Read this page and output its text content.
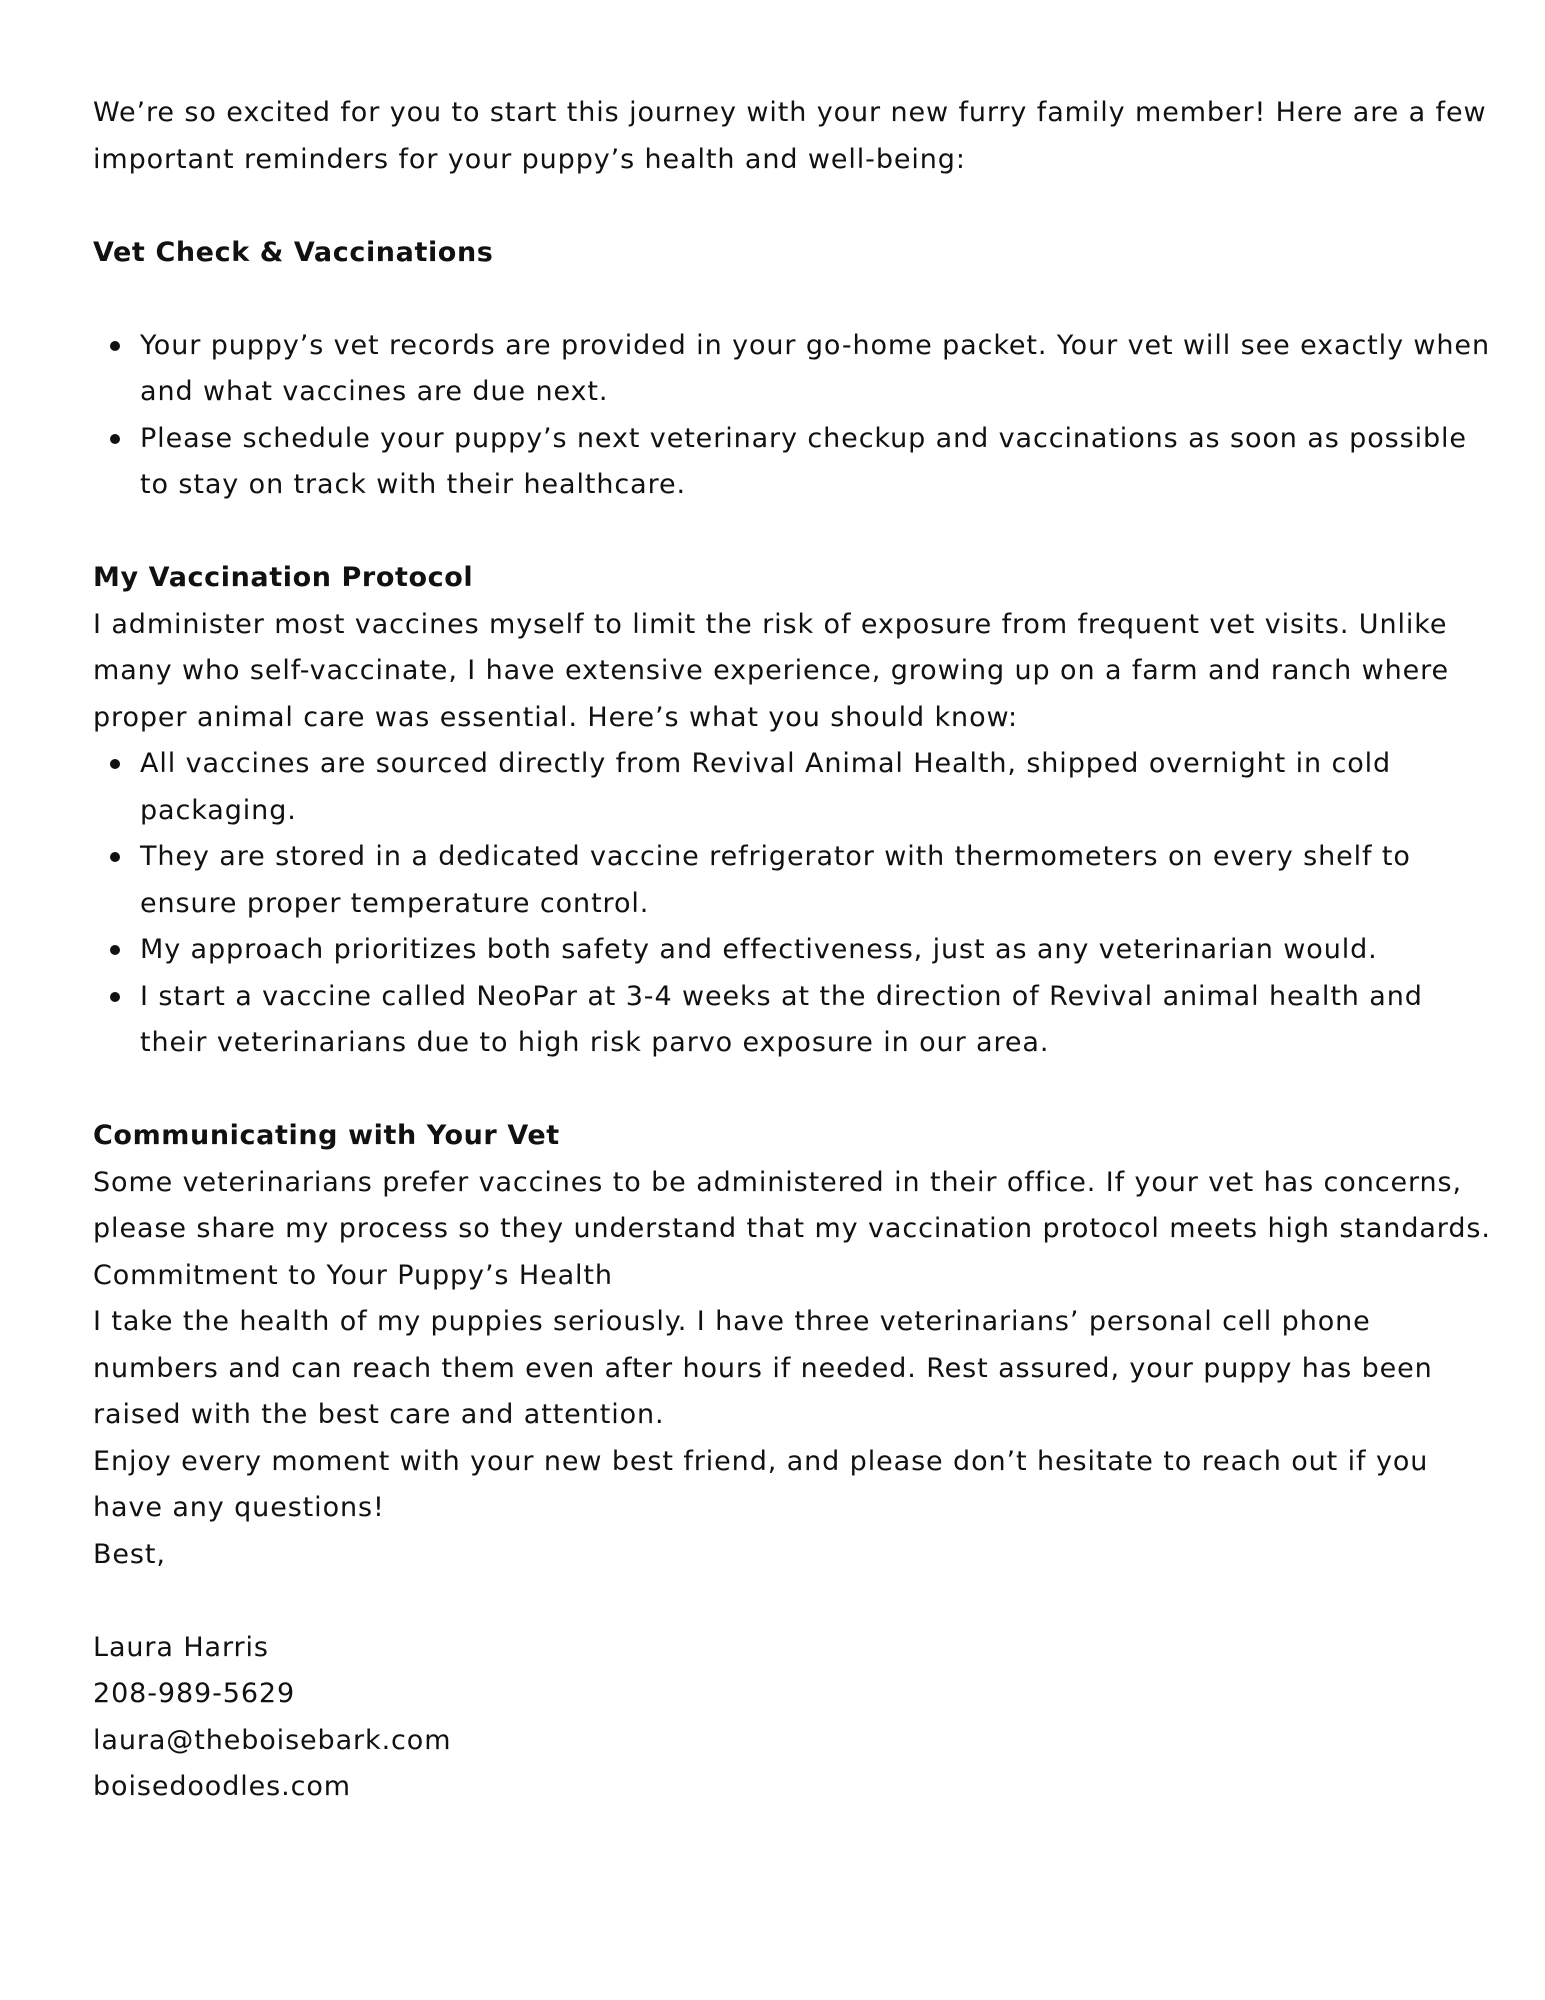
We’re so excited for you to start this journey with your new furry family member! Here are a few important reminders for your puppy’s health and well-being:

Vet Check & Vaccinations

Your puppy’s vet records are provided in your go-home packet. Your vet will see exactly when and what vaccines are due next.
Please schedule your puppy’s next veterinary checkup and vaccinations as soon as possible to stay on track with their healthcare.

My Vaccination Protocol

I administer most vaccines myself to limit the risk of exposure from frequent vet visits. Unlike many who self-vaccinate, I have extensive experience, growing up on a farm and ranch where proper animal care was essential. Here’s what you should know:

All vaccines are sourced directly from Revival Animal Health, shipped overnight in cold packaging.
They are stored in a dedicated vaccine refrigerator with thermometers on every shelf to ensure proper temperature control.
My approach prioritizes both safety and effectiveness, just as any veterinarian would.
I start a vaccine called NeoPar at 3-4 weeks at the direction of Revival animal health and their veterinarians due to high risk parvo exposure in our area.

Communicating with Your Vet

Some veterinarians prefer vaccines to be administered in their office. If your vet has concerns, please share my process so they understand that my vaccination protocol meets high standards.

Commitment to Your Puppy’s Health

I take the health of my puppies seriously. I have three veterinarians’ personal cell phone numbers and can reach them even after hours if needed. Rest assured, your puppy has been raised with the best care and attention.

Enjoy every moment with your new best friend, and please don’t hesitate to reach out if you have any questions!

Best,

Laura Harris

208-989-5629

laura@theboisebark.com

boisedoodles.com
